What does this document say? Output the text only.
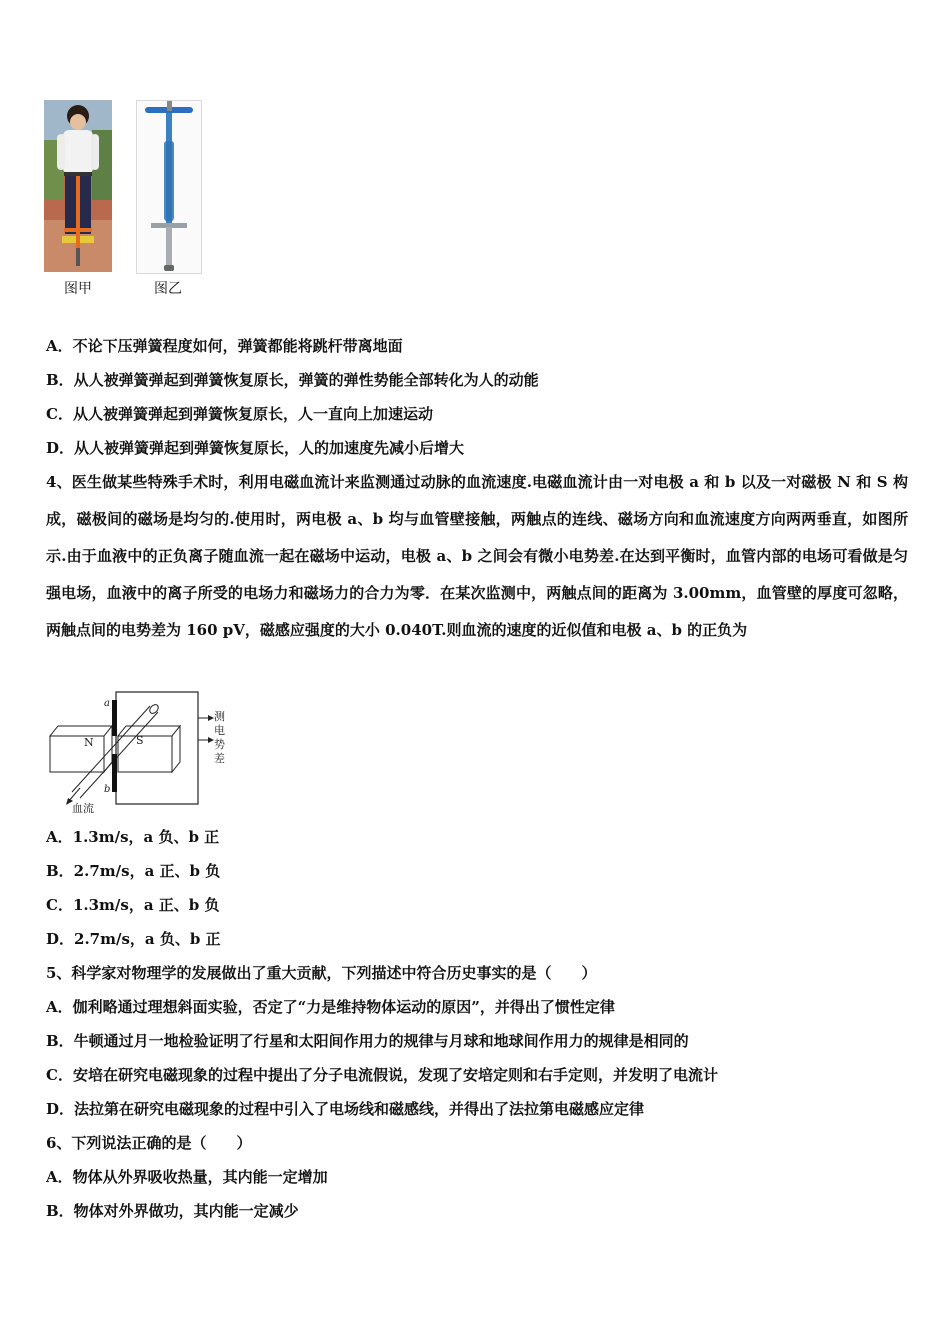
图甲	图乙
A．不论下压弹簧程度如何，弹簧都能将跳杆带离地面
B．从人被弹簧弹起到弹簧恢复原长，弹簧的弹性势能全部转化为人的动能
C．从人被弹簧弹起到弹簧恢复原长，人一直向上加速运动
D．从人被弹簧弹起到弹簧恢复原长，人的加速度先减小后增大
4、医生做某些特殊手术时，利用电磁血流计来监测通过动脉的血流速度.电磁血流计由一对电极 a 和 b 以及一对磁极 N 和 S 构成，磁极间的磁场是均匀的.使用时，两电极 a、b 均与血管壁接触，两触点的连线、磁场方向和血流速度方向两两垂直，如图所示.由于血液中的正负离子随血流一起在磁场中运动，电极 a、b 之间会有微小电势差.在达到平衡时，血管内部的电场可看做是匀强电场，血液中的离子所受的电场力和磁场力的合力为零．在某次监测中，两触点间的距离为 3.00mm，血管壁的厚度可忽略，两触点间的电势差为 160 pV，磁感应强度的大小 0.040T.则血流的速度的近似值和电极 a、b 的正负为
a
b
N	S
血流
测
电
势
差
A．1.3m/s，a 负、b 正
B．2.7m/s，a 正、b 负
C．1.3m/s，a 正、b 负
D．2.7m/s，a 负、b 正
5、科学家对物理学的发展做出了重大贡献，下列描述中符合历史事实的是（　　）
A．伽利略通过理想斜面实验，否定了“力是维持物体运动的原因”，并得出了惯性定律
B．牛顿通过月一地检验证明了行星和太阳间作用力的规律与月球和地球间作用力的规律是相同的
C．安培在研究电磁现象的过程中提出了分子电流假说，发现了安培定则和右手定则，并发明了电流计
D．法拉第在研究电磁现象的过程中引入了电场线和磁感线，并得出了法拉第电磁感应定律
6、下列说法正确的是（　　）
A．物体从外界吸收热量，其内能一定增加
B．物体对外界做功，其内能一定减少
